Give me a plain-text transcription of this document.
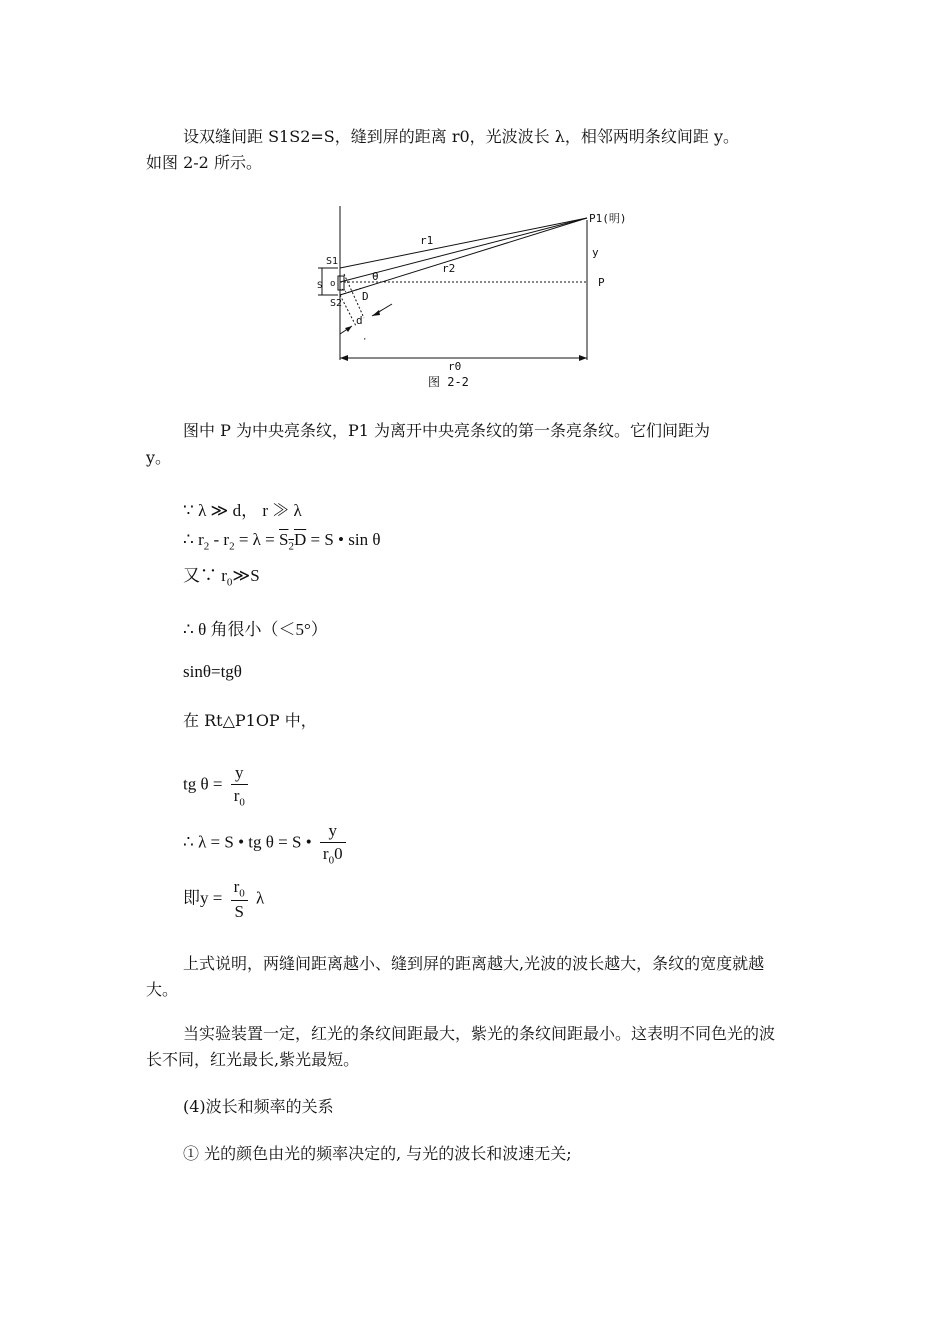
设双缝间距 S1S2=S，缝到屏的距离 r0，光波波长 λ，相邻两明条纹间距 y。
如图 2-2 所示。
P1(明)
y
P
r1
r2
S1
o
S
S2
θ
D
d
·
r0
图 2-2
图中 P 为中央亮条纹，P1 为离开中央亮条纹的第一条亮条纹。它们间距为
y。
∵ λ ≫ d， r ≫ λ
∴ $r_2 - r_2 = \lambda = S_2D = S$ • sin θ
又∵ $r_0≫S$
∴ θ 角很小（＜5°）
sinθ=tgθ
在 Rt△P1OP 中，
tg $\theta = \frac{y}{r_0}$
∴ λ = S • tg θ = S • $\frac{y}{r_00}$
即$y = \frac{r_0}{S}$ λ
上式说明，两缝间距离越小、缝到屏的距离越大,光波的波长越大，条纹的宽度就越
大。
当实验装置一定，红光的条纹间距最大，紫光的条纹间距最小。这表明不同色光的波
长不同，红光最长,紫光最短。
(4)波长和频率的关系
① 光的颜色由光的频率决定的, 与光的波长和波速无关;
